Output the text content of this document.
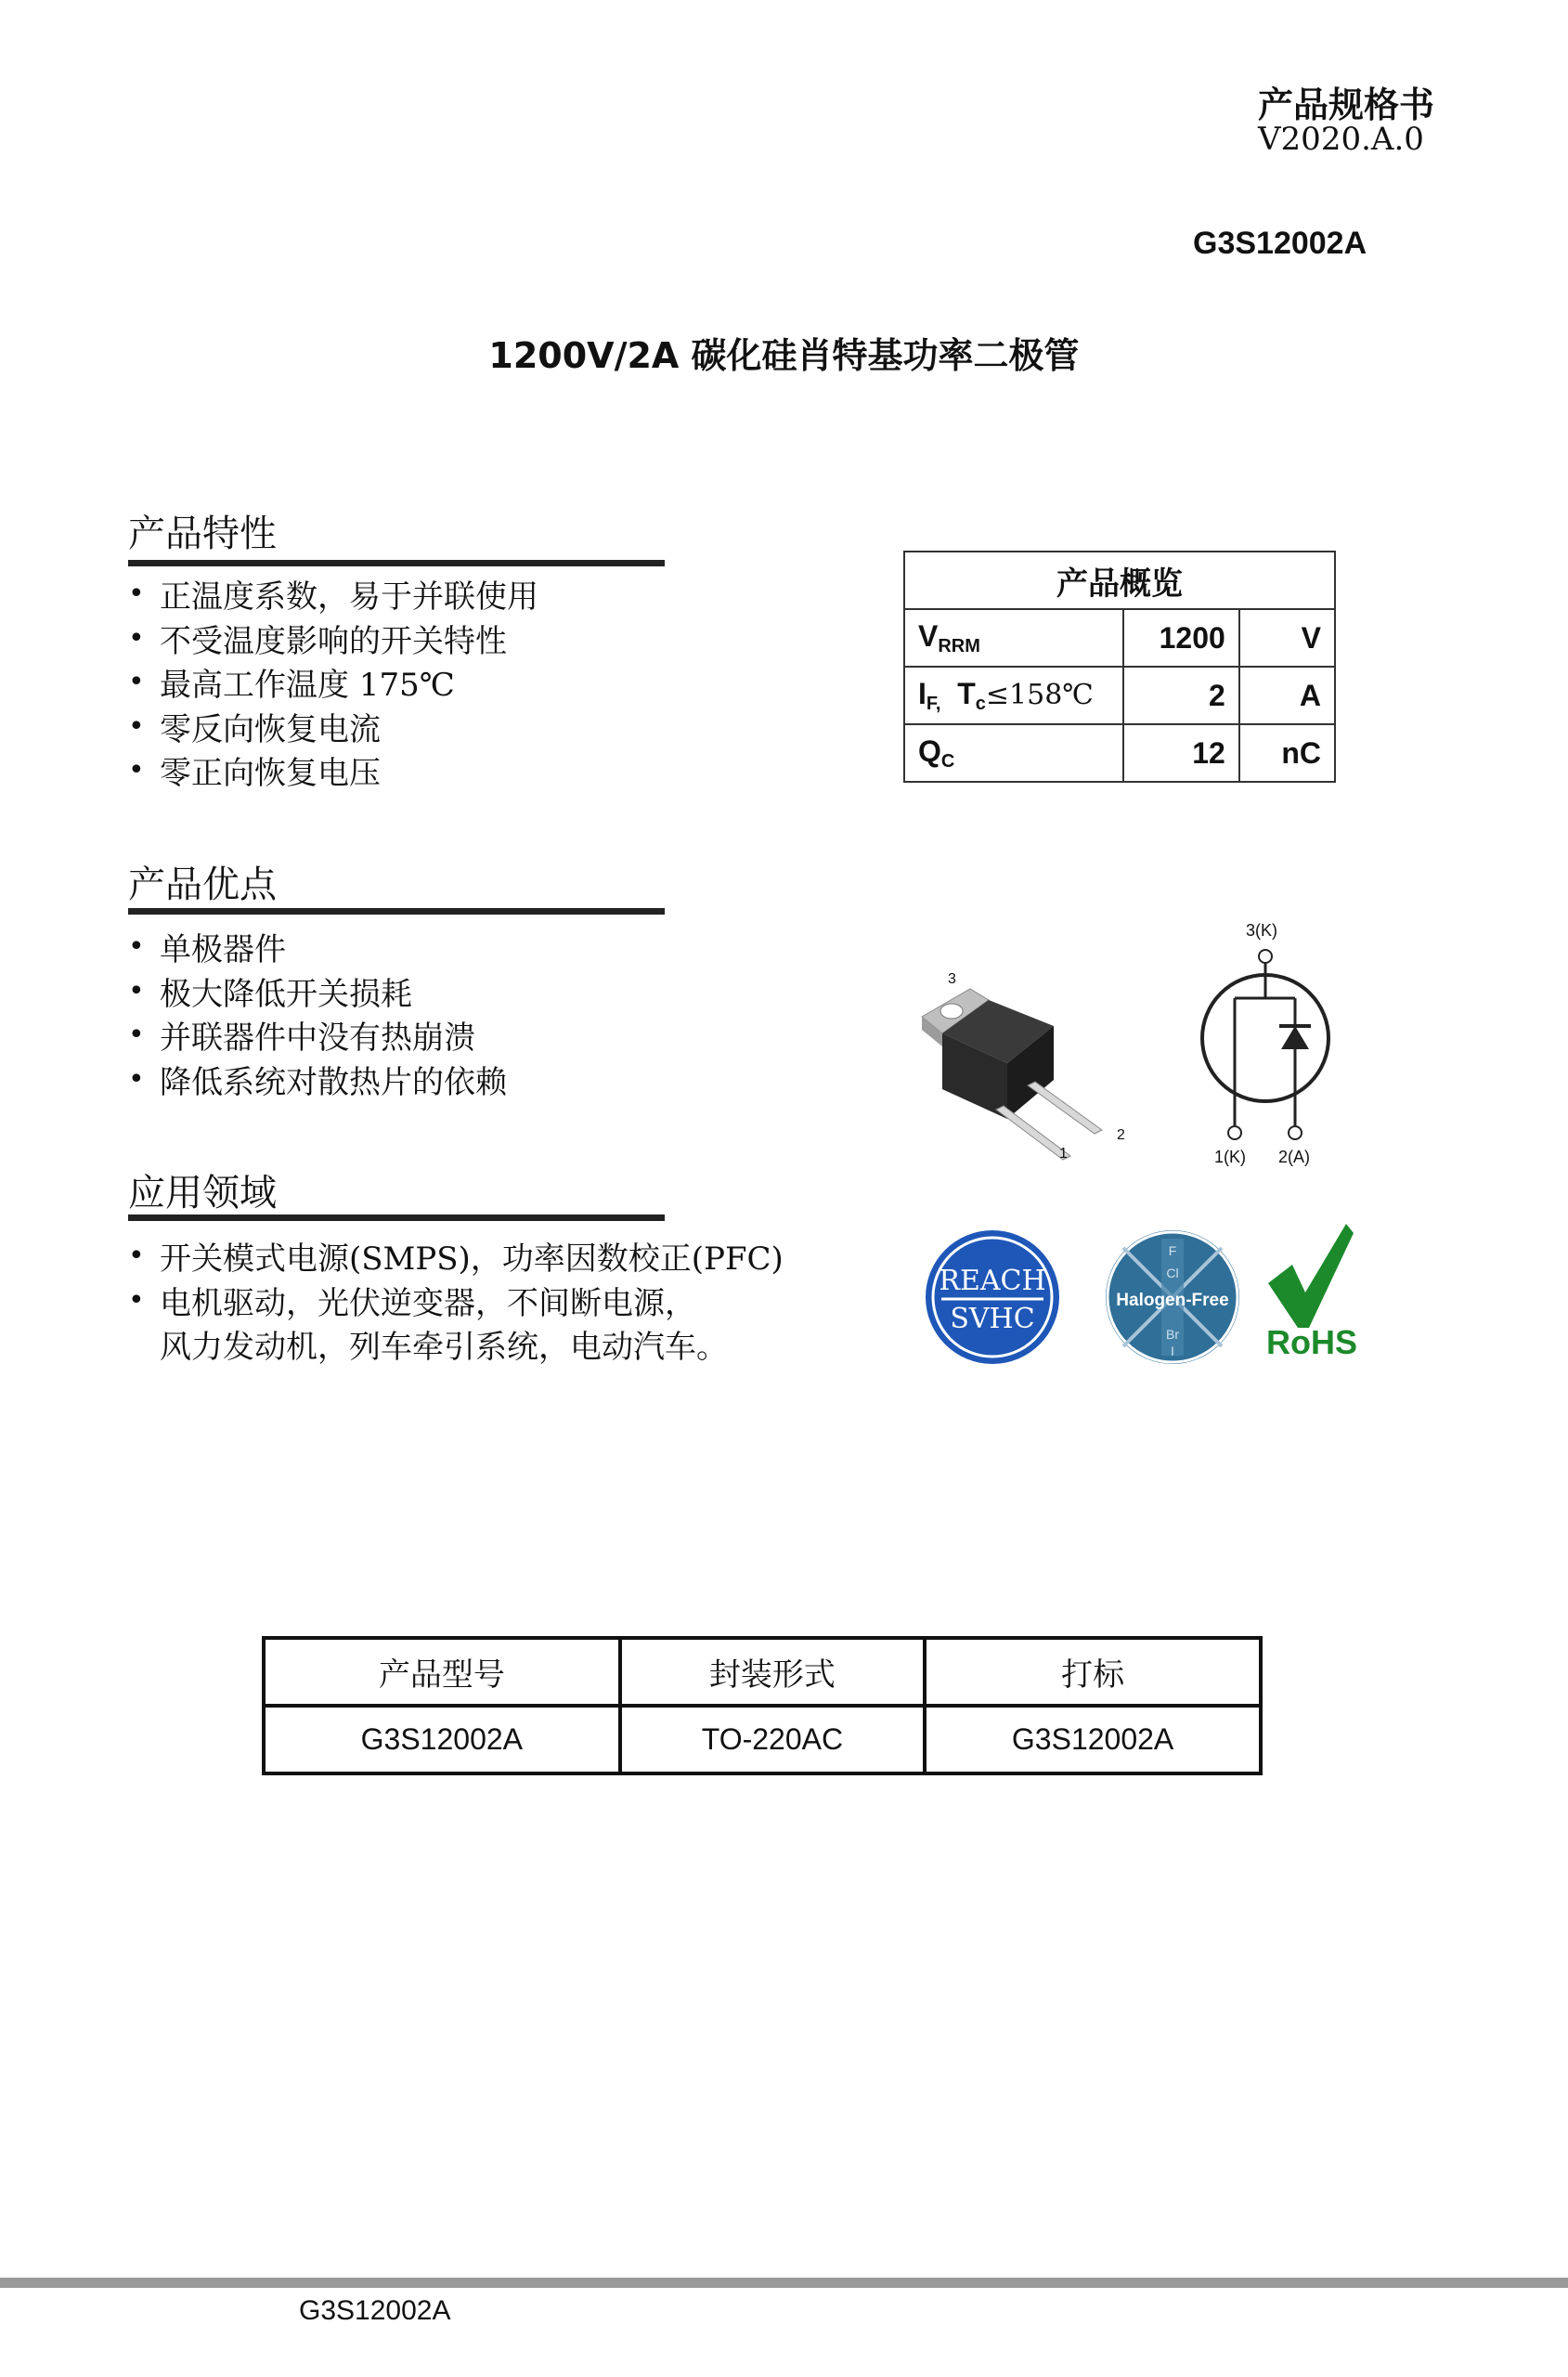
产品规格书
V2020.A.0
G3S12002A
1200V/2A 碳化硅肖特基功率二极管
产品特性
• 正温度系数，易于并联使用
• 不受温度影响的开关特性
• 最高工作温度 175℃
• 零反向恢复电流
• 零正向恢复电压
产品优点
• 单极器件
• 极大降低开关损耗
• 并联器件中没有热崩溃
• 降低系统对散热片的依赖
应用领域
• 开关模式电源(SMPS)，功率因数校正(PFC)
• 电机驱动，光伏逆变器，不间断电源，
风力发动机，列车牵引系统，电动汽车。
产品概览		
$V_{RRM}$	1200	V
$I_{F,}$ $T_c\le 158℃$	2	A
$Q_C$	12	nC
3
1
2
3(K)
1(K) 2(A)
REACH
SVHC
F
Cl
Br
I
Halogen-Free
RoHS
产品型号	封装形式	打标
G3S12002A	TO-220AC	G3S12002A
G3S12002A
